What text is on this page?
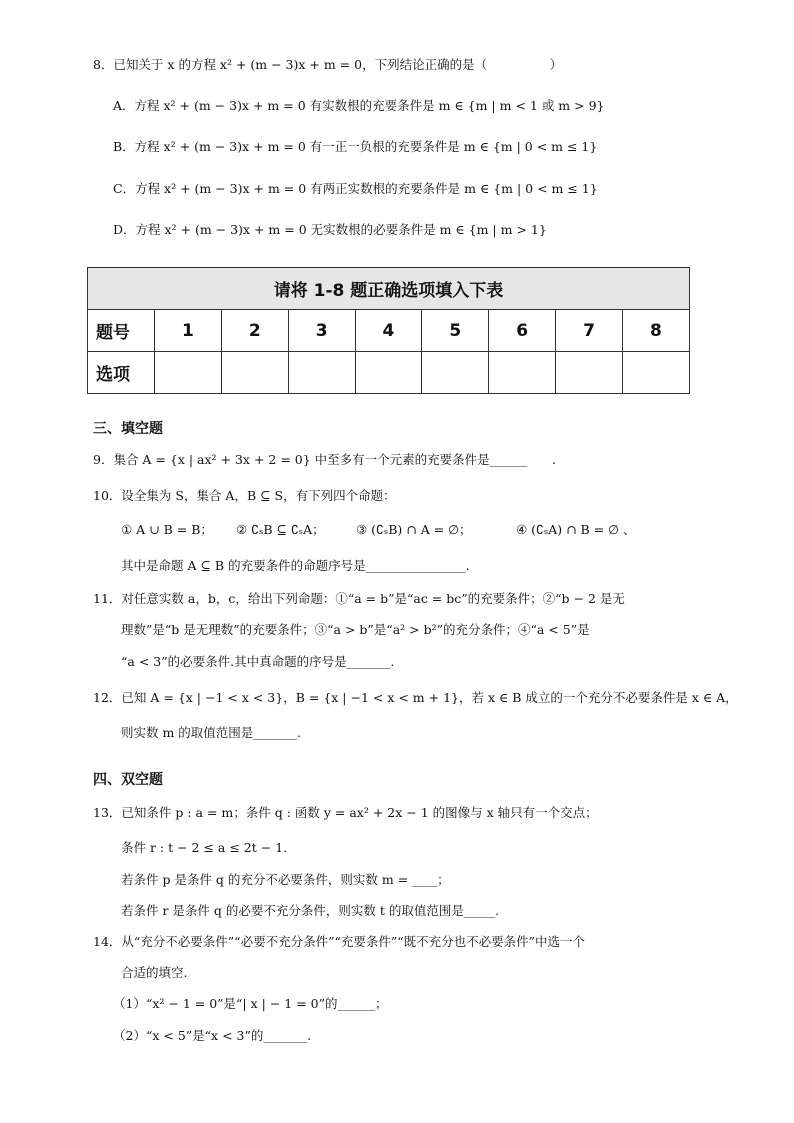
8．已知关于 x 的方程 x² + (m − 3)x + m = 0，下列结论正确的是（　　　　　）
A．方程 x² + (m − 3)x + m = 0 有实数根的充要条件是 m ∈ {m | m < 1 或 m > 9}
B．方程 x² + (m − 3)x + m = 0 有一正一负根的充要条件是 m ∈ {m | 0 < m ≤ 1}
C．方程 x² + (m − 3)x + m = 0 有两正实数根的充要条件是 m ∈ {m | 0 < m ≤ 1}
D．方程 x² + (m − 3)x + m = 0 无实数根的必要条件是 m ∈ {m | m > 1}
请将 1-8 题正确选项填入下表								
题号	1	2	3	4	5	6	7	8
选项								
三、填空题
9．集合 A = {x | ax² + 3x + 2 = 0} 中至多有一个元素的充要条件是______　　.
10．设全集为 S，集合 A，B ⊆ S，有下列四个命题：
① A ∪ B = B； ② ∁ₛB ⊆ ∁ₛA；	③ (∁ₛB) ∩ A = ∅；	④ (∁ₛA) ∩ B = ∅ 、
其中是命题 A ⊆ B 的充要条件的命题序号是________________.
11．对任意实数 a，b，c，给出下列命题：①“a = b”是“ac = bc”的充要条件；②“b − 2 是无
理数”是“b 是无理数”的充要条件；③“a > b”是“a² > b²”的充分条件；④“a < 5”是
“a < 3”的必要条件.其中真命题的序号是_______.
12．已知 A = {x | −1 < x < 3}，B = {x | −1 < x < m + 1}，若 x ∈ B 成立的一个充分不必要条件是 x ∈ A，
则实数 m 的取值范围是_______.
四、双空题
13．已知条件 p : a = m；条件 q : 函数 y = ax² + 2x − 1 的图像与 x 轴只有一个交点；
条件 r : t − 2 ≤ a ≤ 2t − 1.
若条件 p 是条件 q 的充分不必要条件，则实数 m = ____；
若条件 r 是条件 q 的必要不充分条件，则实数 t 的取值范围是_____.
14．从“充分不必要条件”“必要不充分条件”“充要条件”“既不充分也不必要条件”中选一个
合适的填空.
（1）“x² − 1 = 0”是“| x | − 1 = 0”的______；
（2）“x < 5”是“x < 3”的_______.
